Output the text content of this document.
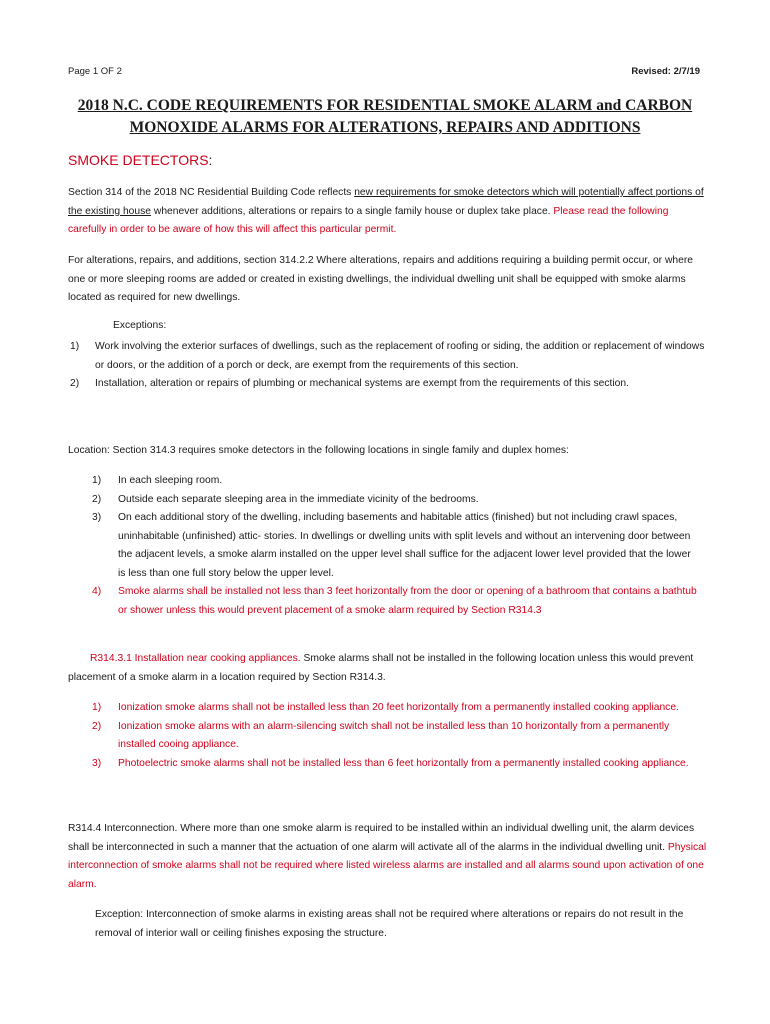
Page 1 OF 2	Revised: 2/7/19
2018 N.C. CODE REQUIREMENTS FOR RESIDENTIAL SMOKE ALARM and CARBON
MONOXIDE ALARMS FOR ALTERATIONS, REPAIRS AND ADDITIONS
SMOKE DETECTORS:
Section 314 of the 2018 NC Residential Building Code reflects new requirements for smoke detectors which will potentially affect portions of the existing house whenever additions, alterations or repairs to a single family house or duplex take place. Please read the following carefully in order to be aware of how this will affect this particular permit.
For alterations, repairs, and additions, section 314.2.2 Where alterations, repairs and additions requiring a building permit occur, or where one or more sleeping rooms are added or created in existing dwellings, the individual dwelling unit shall be equipped with smoke alarms located as required for new dwellings.
Exceptions:
1) Work involving the exterior surfaces of dwellings, such as the replacement of roofing or siding, the addition or replacement of windows or doors, or the addition of a porch or deck, are exempt from the requirements of this section.
2) Installation, alteration or repairs of plumbing or mechanical systems are exempt from the requirements of this section.
Location: Section 314.3 requires smoke detectors in the following locations in single family and duplex homes:
1) In each sleeping room.
2) Outside each separate sleeping area in the immediate vicinity of the bedrooms.
3) On each additional story of the dwelling, including basements and habitable attics (finished) but not including crawl spaces, uninhabitable (unfinished) attic- stories. In dwellings or dwelling units with split levels and without an intervening door between the adjacent levels, a smoke alarm installed on the upper level shall suffice for the adjacent lower level provided that the lower is less than one full story below the upper level.
4) Smoke alarms shall be installed not less than 3 feet horizontally from the door or opening of a bathroom that contains a bathtub or shower unless this would prevent placement of a smoke alarm required by Section R314.3
R314.3.1 Installation near cooking appliances. Smoke alarms shall not be installed in the following location unless this would prevent placement of a smoke alarm in a location required by Section R314.3.
1) Ionization smoke alarms shall not be installed less than 20 feet horizontally from a permanently installed cooking appliance.
2) Ionization smoke alarms with an alarm-silencing switch shall not be installed less than 10 horizontally from a permanently installed cooing appliance.
3) Photoelectric smoke alarms shall not be installed less than 6 feet horizontally from a permanently installed cooking appliance.
R314.4 Interconnection. Where more than one smoke alarm is required to be installed within an individual dwelling unit, the alarm devices shall be interconnected in such a manner that the actuation of one alarm will activate all of the alarms in the individual dwelling unit. Physical interconnection of smoke alarms shall not be required where listed wireless alarms are installed and all alarms sound upon activation of one alarm.
Exception: Interconnection of smoke alarms in existing areas shall not be required where alterations or repairs do not result in the removal of interior wall or ceiling finishes exposing the structure.
